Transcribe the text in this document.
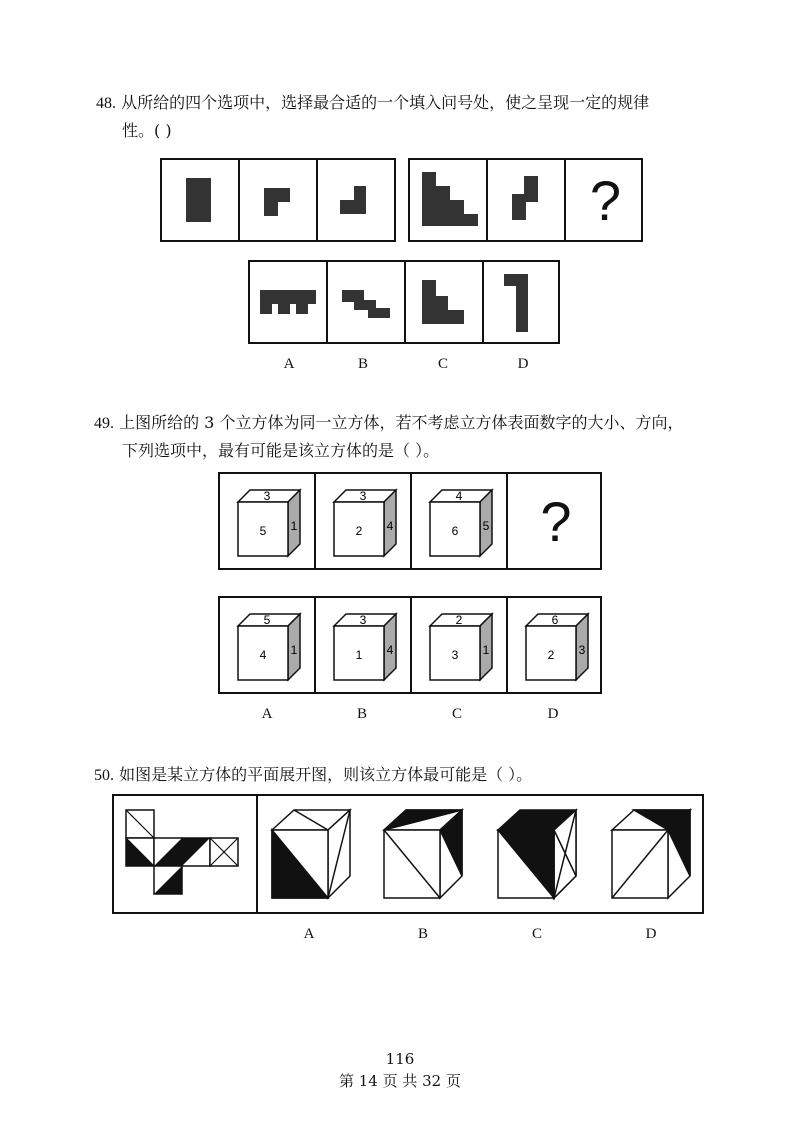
48. 从所给的四个选项中，选择最合适的一个填入问号处，使之呈现一定的规律
性。( )
?
A	B	C	D
49. 上图所给的 3 个立方体为同一立方体，若不考虑立方体表面数字的大小、方向，
下列选项中，最有可能是该立方体的是（ ）。
3
5 1
3
2 4
4
6 5 ?
5
4 1
3
1 4
2
3 1
6
2 3
A	B	C	D
50. 如图是某立方体的平面展开图，则该立方体最可能是（ ）。
A	B	C	D
116
第 14 页 共 32 页
